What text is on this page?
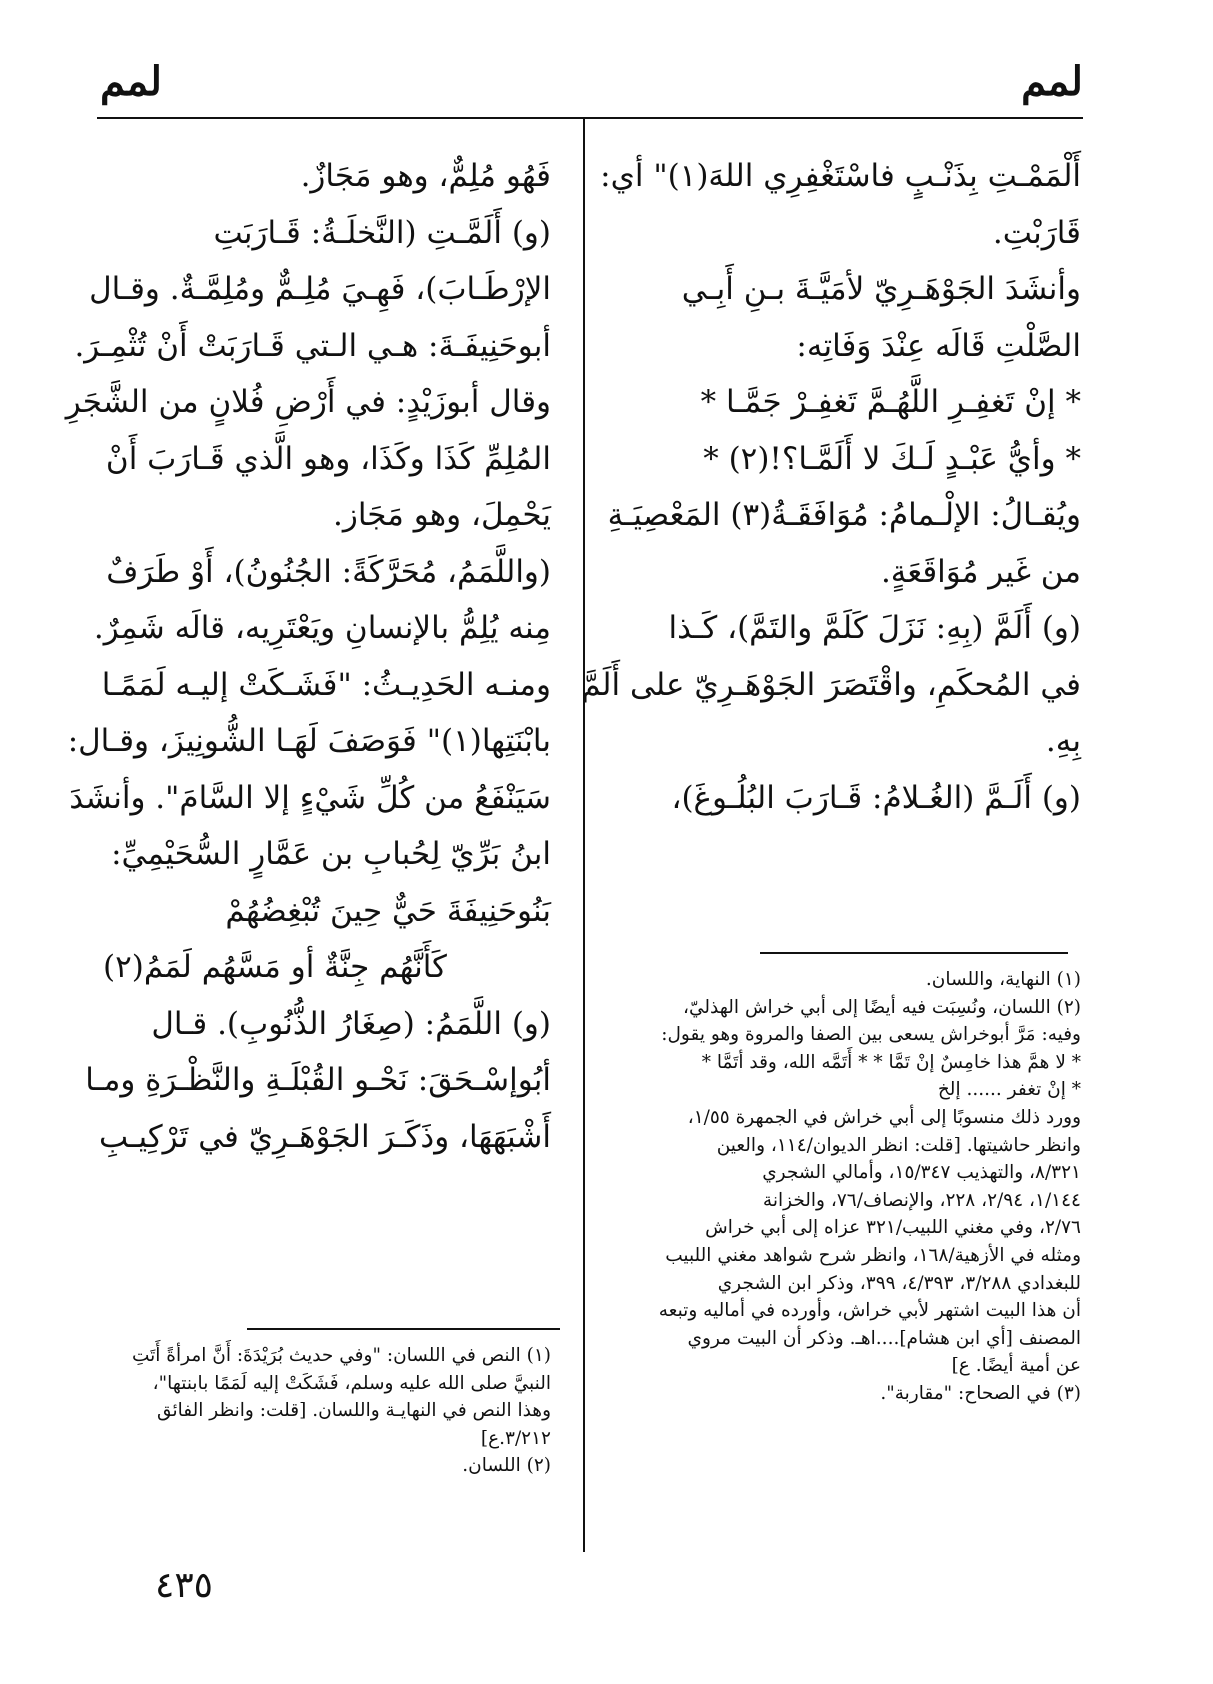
لمم
لمم
أَلْمَمْـتِ بِذَنْـبٍ فاسْتَغْفِرِي اللهَ(١)" أي:
قَارَبْتِ.
وأنشَدَ الجَوْهَـرِيّ لأمَيَّـةَ بـنِ أَبِـي
الصَّلْتِ قَالَه عِنْدَ وَفَاتِه:
* إنْ تَغفِـرِ اللَّهُـمَّ تَغفِـرْ جَمَّـا *
* وأيُّ عَبْـدٍ لَـكَ لا أَلَمَّـا؟!(٢) *
ويُقـالُ: الإلْـمامُ: مُوَافَقَـةُ(٣) المَعْصِيَـةِ
من غَير مُوَاقَعَةٍ.
(و) أَلَمَّ (بِهِ: نَزَلَ كَلَمَّ والتَمَّ)، كَـذا
في المُحكَمِ، واقْتَصَرَ الجَوْهَـرِيّ على أَلَمَّ
بِهِ.
(و) أَلَـمَّ (الغُـلامُ: قَـارَبَ البُلُـوغَ)،
(١) النهاية، واللسان.
(٢) اللسان، ونُسِبَت فيه أيضًا إلى أبي خراش الهذليّ،
وفيه: مَرَّ أبوخراش يسعى بين الصفا والمروة وهو يقول:
* لا همَّ هذا خامِسٌ إنْ تَمَّا * * أَتَمَّه الله، وقد أتَمَّا *
* إنْ تغفر ...... إلخ
وورد ذلك منسوبًا إلى أبي خراش في الجمهرة ١/٥٥،
وانظر حاشيتها. [قلت: انظر الديوان/١١٤، والعين
٨/٣٢١، والتهذيب ١٥/٣٤٧، وأمالي الشجري
١/١٤٤، ٢/٩٤، ٢٢٨، والإنصاف/٧٦، والخزانة
٢/٧٦، وفي مغني اللبيب/٣٢١ عزاه إلى أبي خراش
ومثله في الأزهية/١٦٨، وانظر شرح شواهد مغني اللبيب
للبغدادي ٣/٢٨٨، ٤/٣٩٣، ٣٩٩، وذكر ابن الشجري
أن هذا البيت اشتهر لأبي خراش، وأورده في أماليه وتبعه
المصنف [أي ابن هشام]....اهـ. وذكر أن البيت مروي
عن أمية أيضًا. ع]
(٣) في الصحاح: "مقاربة".
فَهُو مُلِمٌّ، وهو مَجَازٌ.
(و) أَلَمَّـتِ (النَّخلَـةُ: قَـارَبَتِ
الإرْطَـابَ)، فَهِـيَ مُلِـمٌّ ومُلِمَّـةٌ. وقـال
أبوحَنِيفَـةَ: هـي الـتي قَـارَبَتْ أَنْ تُثْمِـرَ.
وقال أبوزَيْدٍ: في أَرْضِ فُلانٍ من الشَّجَرِ
المُلِمِّ كَذَا وكَذَا، وهو الَّذي قَـارَبَ أَنْ
يَحْمِلَ، وهو مَجَاز.
(واللَّمَمُ، مُحَرَّكَةً: الجُنُونُ)، أَوْ طَرَفٌ
مِنه يُلِمُّ بالإنسانِ ويَعْتَرِيه، قالَه شَمِرٌ.
ومنـه الحَدِيـثُ: "فَشَـكَتْ إليـه لَمَمًـا
بابْنَتِها(١)" فَوَصَفَ لَهَـا الشُّونِيزَ، وقـال:
سَيَنْفَعُ من كُلِّ شَيْءٍ إلا السَّامَ". وأنشَدَ
ابنُ بَرِّيّ لِحُبابِ بن عَمَّارٍ السُّحَيْمِيِّ:
بَنُوحَنِيفَةَ حَيٌّ حِينَ تُبْغِضُهُمْ
كَأَنَّهُم جِنَّةٌ أو مَسَّهُم لَمَمُ(٢)
(و) اللَّمَمُ: (صِغَارُ الذُّنُوبِ). قـال
أبُوإسْـحَقَ: نَحْـو القُبْلَـةِ والنَّظْـرَةِ ومـا
أَشْبَهَهَا، وذَكَـرَ الجَوْهَـرِيّ في تَرْكِيـبِ
(١) النص في اللسان: "وفي حديث بُرَيْدَةَ: أَنَّ امرأةً أَتَتِ
النبيَّ صلى الله عليه وسلم، فَشَكَتْ إليه لَمَمًا بابنتها"،
وهذا النص في النهايـة واللسان. [قلت: وانظر الفائق
٣/٢١٢.ع]
(٢) اللسان.
٤٣٥
